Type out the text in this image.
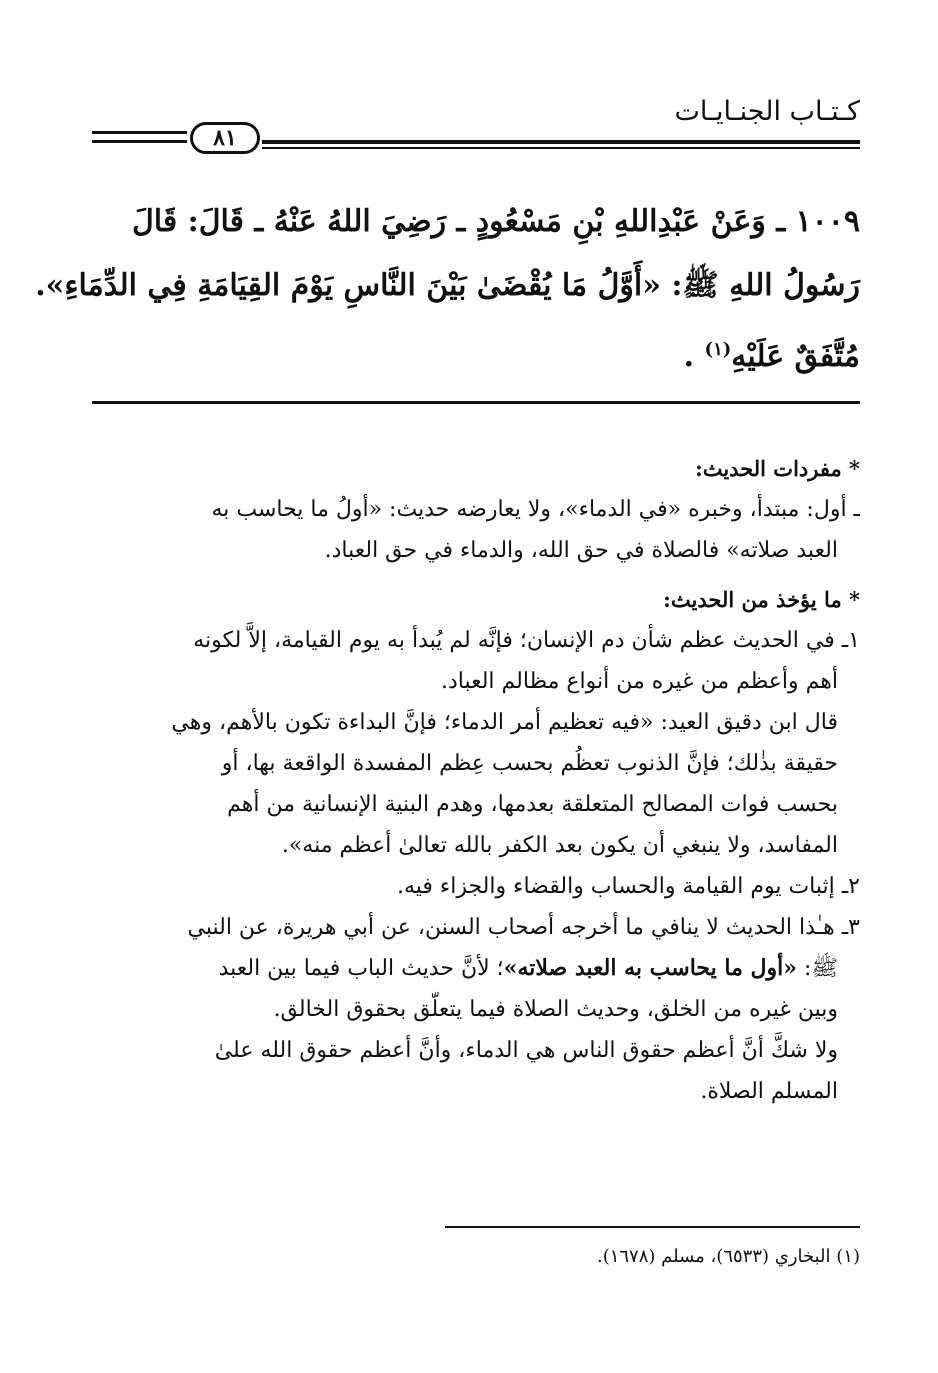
كـتـاب الجنـايـات
٨١
١٠٠٩ ـ وَعَنْ عَبْدِاللهِ بْنِ مَسْعُودٍ ـ رَضِيَ اللهُ عَنْهُ ـ قَالَ: قَالَ
رَسُولُ اللهِ ﷺ: «أَوَّلُ مَا يُقْضَىٰ بَيْنَ النَّاسِ يَوْمَ القِيَامَةِ فِي الدِّمَاءِ».
مُتَّفَقٌ عَلَيْهِ$^{(١)}$ .
* مفردات الحديث:
ـ أول: مبتدأ، وخبره «في الدماء»، ولا يعارضه حديث: «أولُ ما يحاسب به
العبد صلاته» فالصلاة في حق الله، والدماء في حق العباد.
* ما يؤخذ من الحديث:
١ـ في الحديث عظم شأن دم الإنسان؛ فإنَّه لم يُبدأ به يوم القيامة، إلاَّ لكونه
أهم وأعظم من غيره من أنواع مظالم العباد.
قال ابن دقيق العيد: «فيه تعظيم أمر الدماء؛ فإنَّ البداءة تكون بالأهم، وهي
حقيقة بذٰلك؛ فإنَّ الذنوب تعظُم بحسب عِظم المفسدة الواقعة بها، أو
بحسب فوات المصالح المتعلقة بعدمها، وهدم البنية الإنسانية من أهم
المفاسد، ولا ينبغي أن يكون بعد الكفر بالله تعالىٰ أعظم منه».
٢ـ إثبات يوم القيامة والحساب والقضاء والجزاء فيه.
٣ـ هـٰذا الحديث لا ينافي ما أخرجه أصحاب السنن، عن أبي هريرة، عن النبي
ﷺ: «أول ما يحاسب به العبد صلاته»؛ لأنَّ حديث الباب فيما بين العبد
وبين غيره من الخلق، وحديث الصلاة فيما يتعلّق بحقوق الخالق.
ولا شكَّ أنَّ أعظم حقوق الناس هي الدماء، وأنَّ أعظم حقوق الله علىٰ
المسلم الصلاة.
(١) البخاري (٦٥٣٣)، مسلم (١٦٧٨).
